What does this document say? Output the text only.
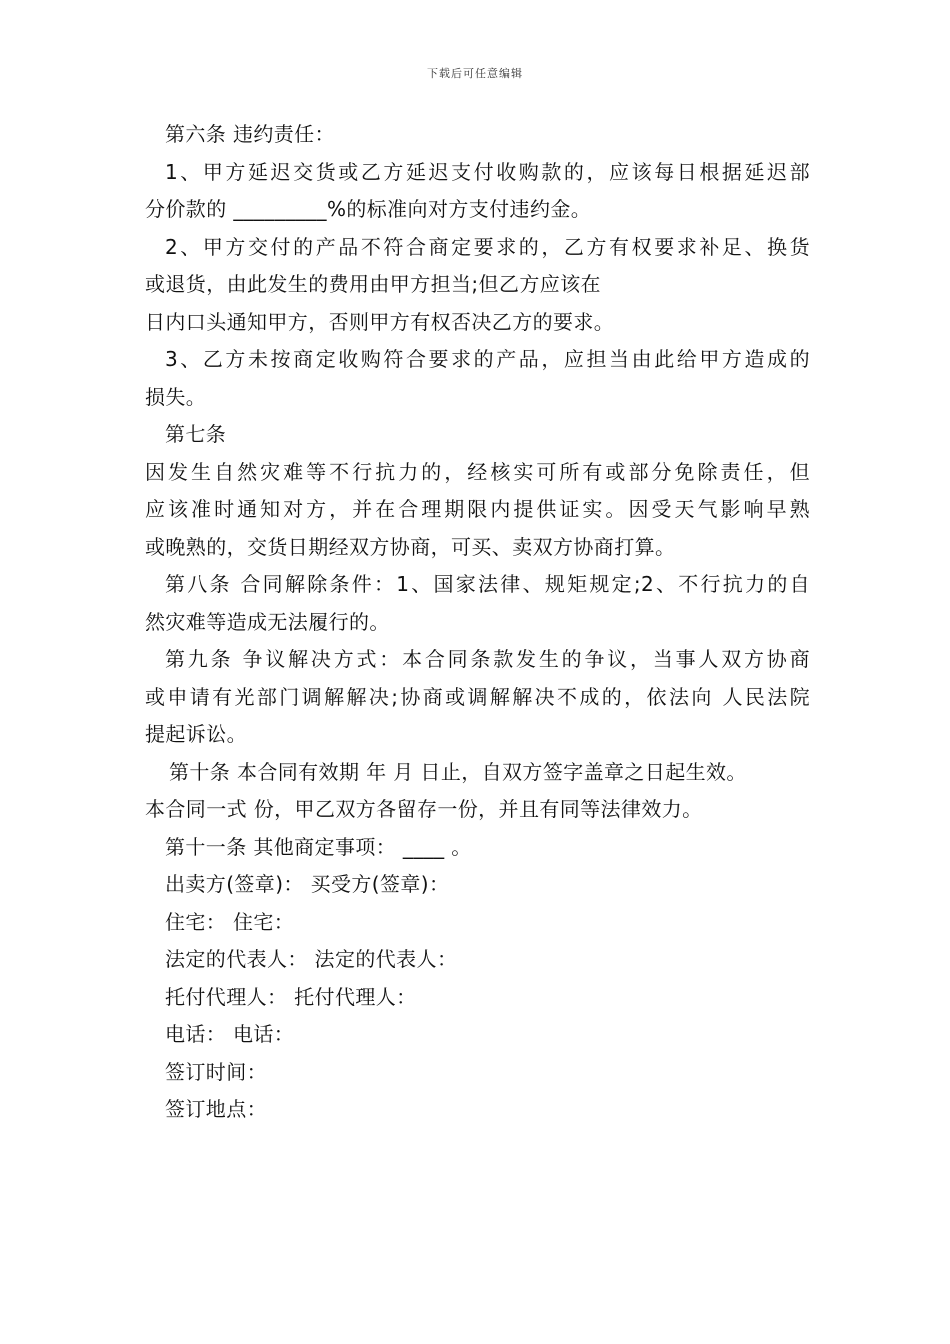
下载后可任意编辑
第六条 违约责任：
1、甲方延迟交货或乙方延迟支付收购款的，应该每日根据延迟部
分价款的 _________%的标准向对方支付违约金。
2、甲方交付的产品不符合商定要求的，乙方有权要求补足、换货
或退货，由此发生的费用由甲方担当;但乙方应该在
日内口头通知甲方，否则甲方有权否决乙方的要求。
3、乙方未按商定收购符合要求的产品，应担当由此给甲方造成的
损失。
第七条
因发生自然灾难等不行抗力的，经核实可所有或部分免除责任，但
应该准时通知对方，并在合理期限内提供证实。因受天气影响早熟
或晚熟的，交货日期经双方协商，可买、卖双方协商打算。
第八条 合同解除条件：1、国家法律、规矩规定;2、不行抗力的自
然灾难等造成无法履行的。
第九条 争议解决方式：本合同条款发生的争议，当事人双方协商
或申请有光部门调解解决;协商或调解解决不成的，依法向 人民法院
提起诉讼。
第十条 本合同有效期 年 月 日止，自双方签字盖章之日起生效。
本合同一式 份，甲乙双方各留存一份，并且有同等法律效力。
第十一条 其他商定事项： ____ 。
出卖方(签章)： 买受方(签章)：
住宅： 住宅：
法定的代表人： 法定的代表人：
托付代理人： 托付代理人：
电话： 电话：
签订时间：
签订地点：
